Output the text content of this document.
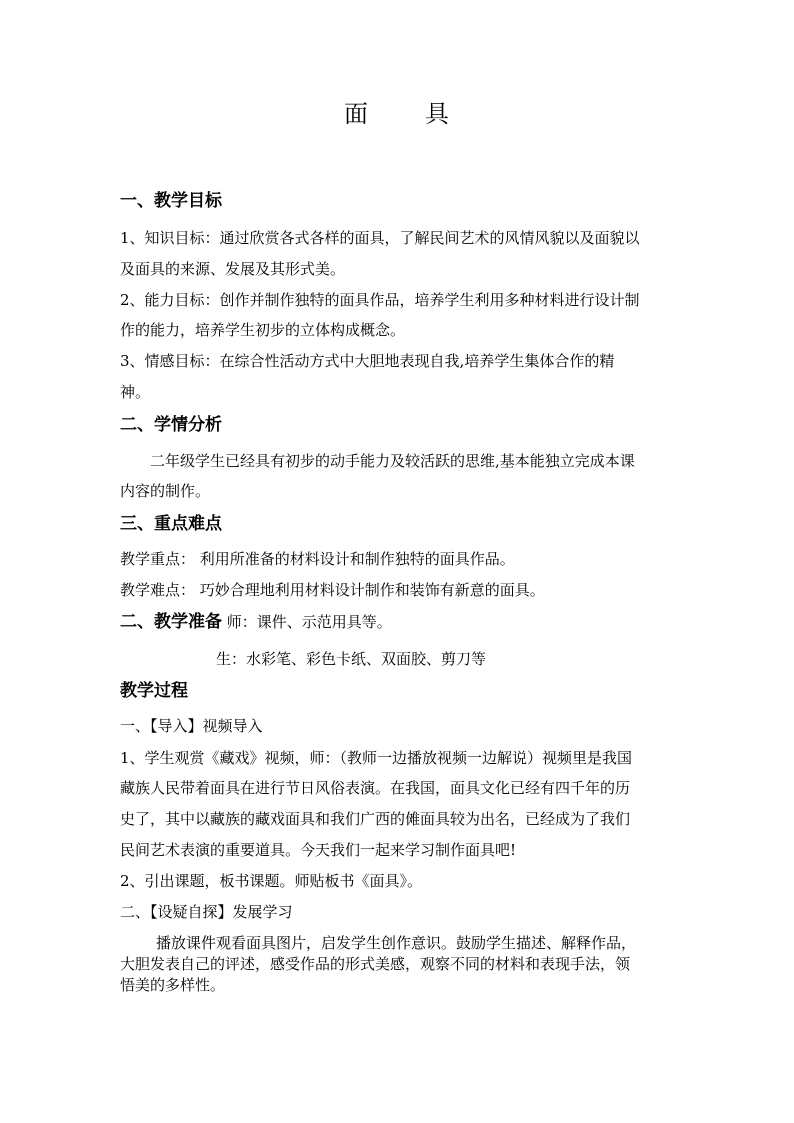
面 具
一、教学目标
1、知识目标：通过欣赏各式各样的面具，了解民间艺术的风情风貌以及面貌以
及面具的来源、发展及其形式美。
2、能力目标：创作并制作独特的面具作品，培养学生利用多种材料进行设计制
作的能力，培养学生初步的立体构成概念。
3、情感目标：在综合性活动方式中大胆地表现自我,培养学生集体合作的精
神。
二、学情分析
二年级学生已经具有初步的动手能力及较活跃的思维,基本能独立完成本课
内容的制作。
三、重点难点
教学重点： 利用所准备的材料设计和制作独特的面具作品。
教学难点： 巧妙合理地利用材料设计制作和装饰有新意的面具。
二、教学准备 师：课件、示范用具等。
生：水彩笔、彩色卡纸、双面胶、剪刀等
教学过程
一、【导入】视频导入
1、学生观赏《藏戏》视频，师：（教师一边播放视频一边解说）视频里是我国
藏族人民带着面具在进行节日风俗表演。在我国，面具文化已经有四千年的历
史了，其中以藏族的藏戏面具和我们广西的傩面具较为出名，已经成为了我们
民间艺术表演的重要道具。今天我们一起来学习制作面具吧!
2、引出课题，板书课题。师贴板书《面具》。
二、【设疑自探】发展学习
播放课件观看面具图片，启发学生创作意识。鼓励学生描述、解释作品，
大胆发表自己的评述，感受作品的形式美感，观察不同的材料和表现手法，领
悟美的多样性。
